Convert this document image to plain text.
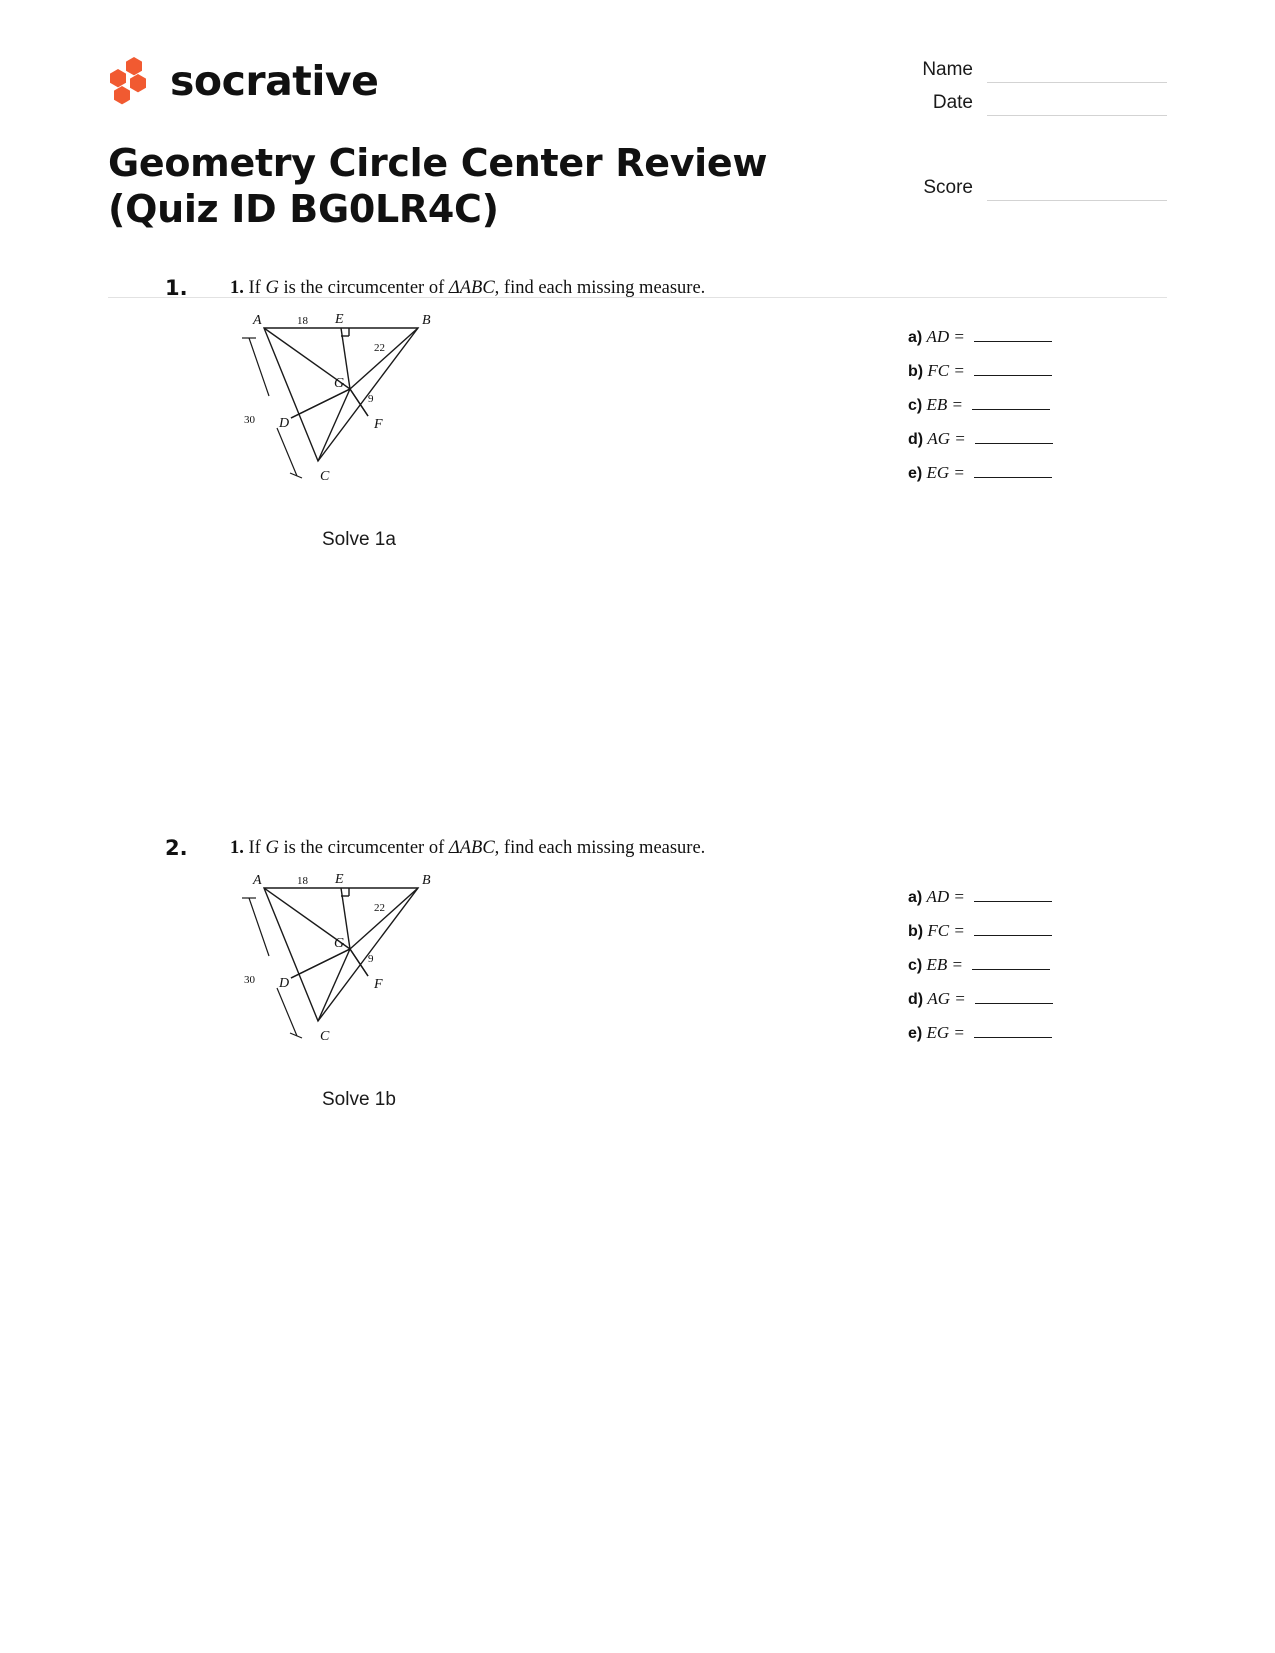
socrative
Geometry Circle Center Review (Quiz ID BG0LR4C)
Name
Date
Score
1. 1. If G is the circumcenter of ΔABC, find each missing measure.
A	B
C
E
G
D	F
18
22
9
30
a) AD =
b) FC =
c) EB =
d) AG =
e) EG =
Solve 1a
2. 1. If G is the circumcenter of ΔABC, find each missing measure.
A	B
C
E
G
D	F
18
22
9
30
a) AD =
b) FC =
c) EB =
d) AG =
e) EG =
Solve 1b
